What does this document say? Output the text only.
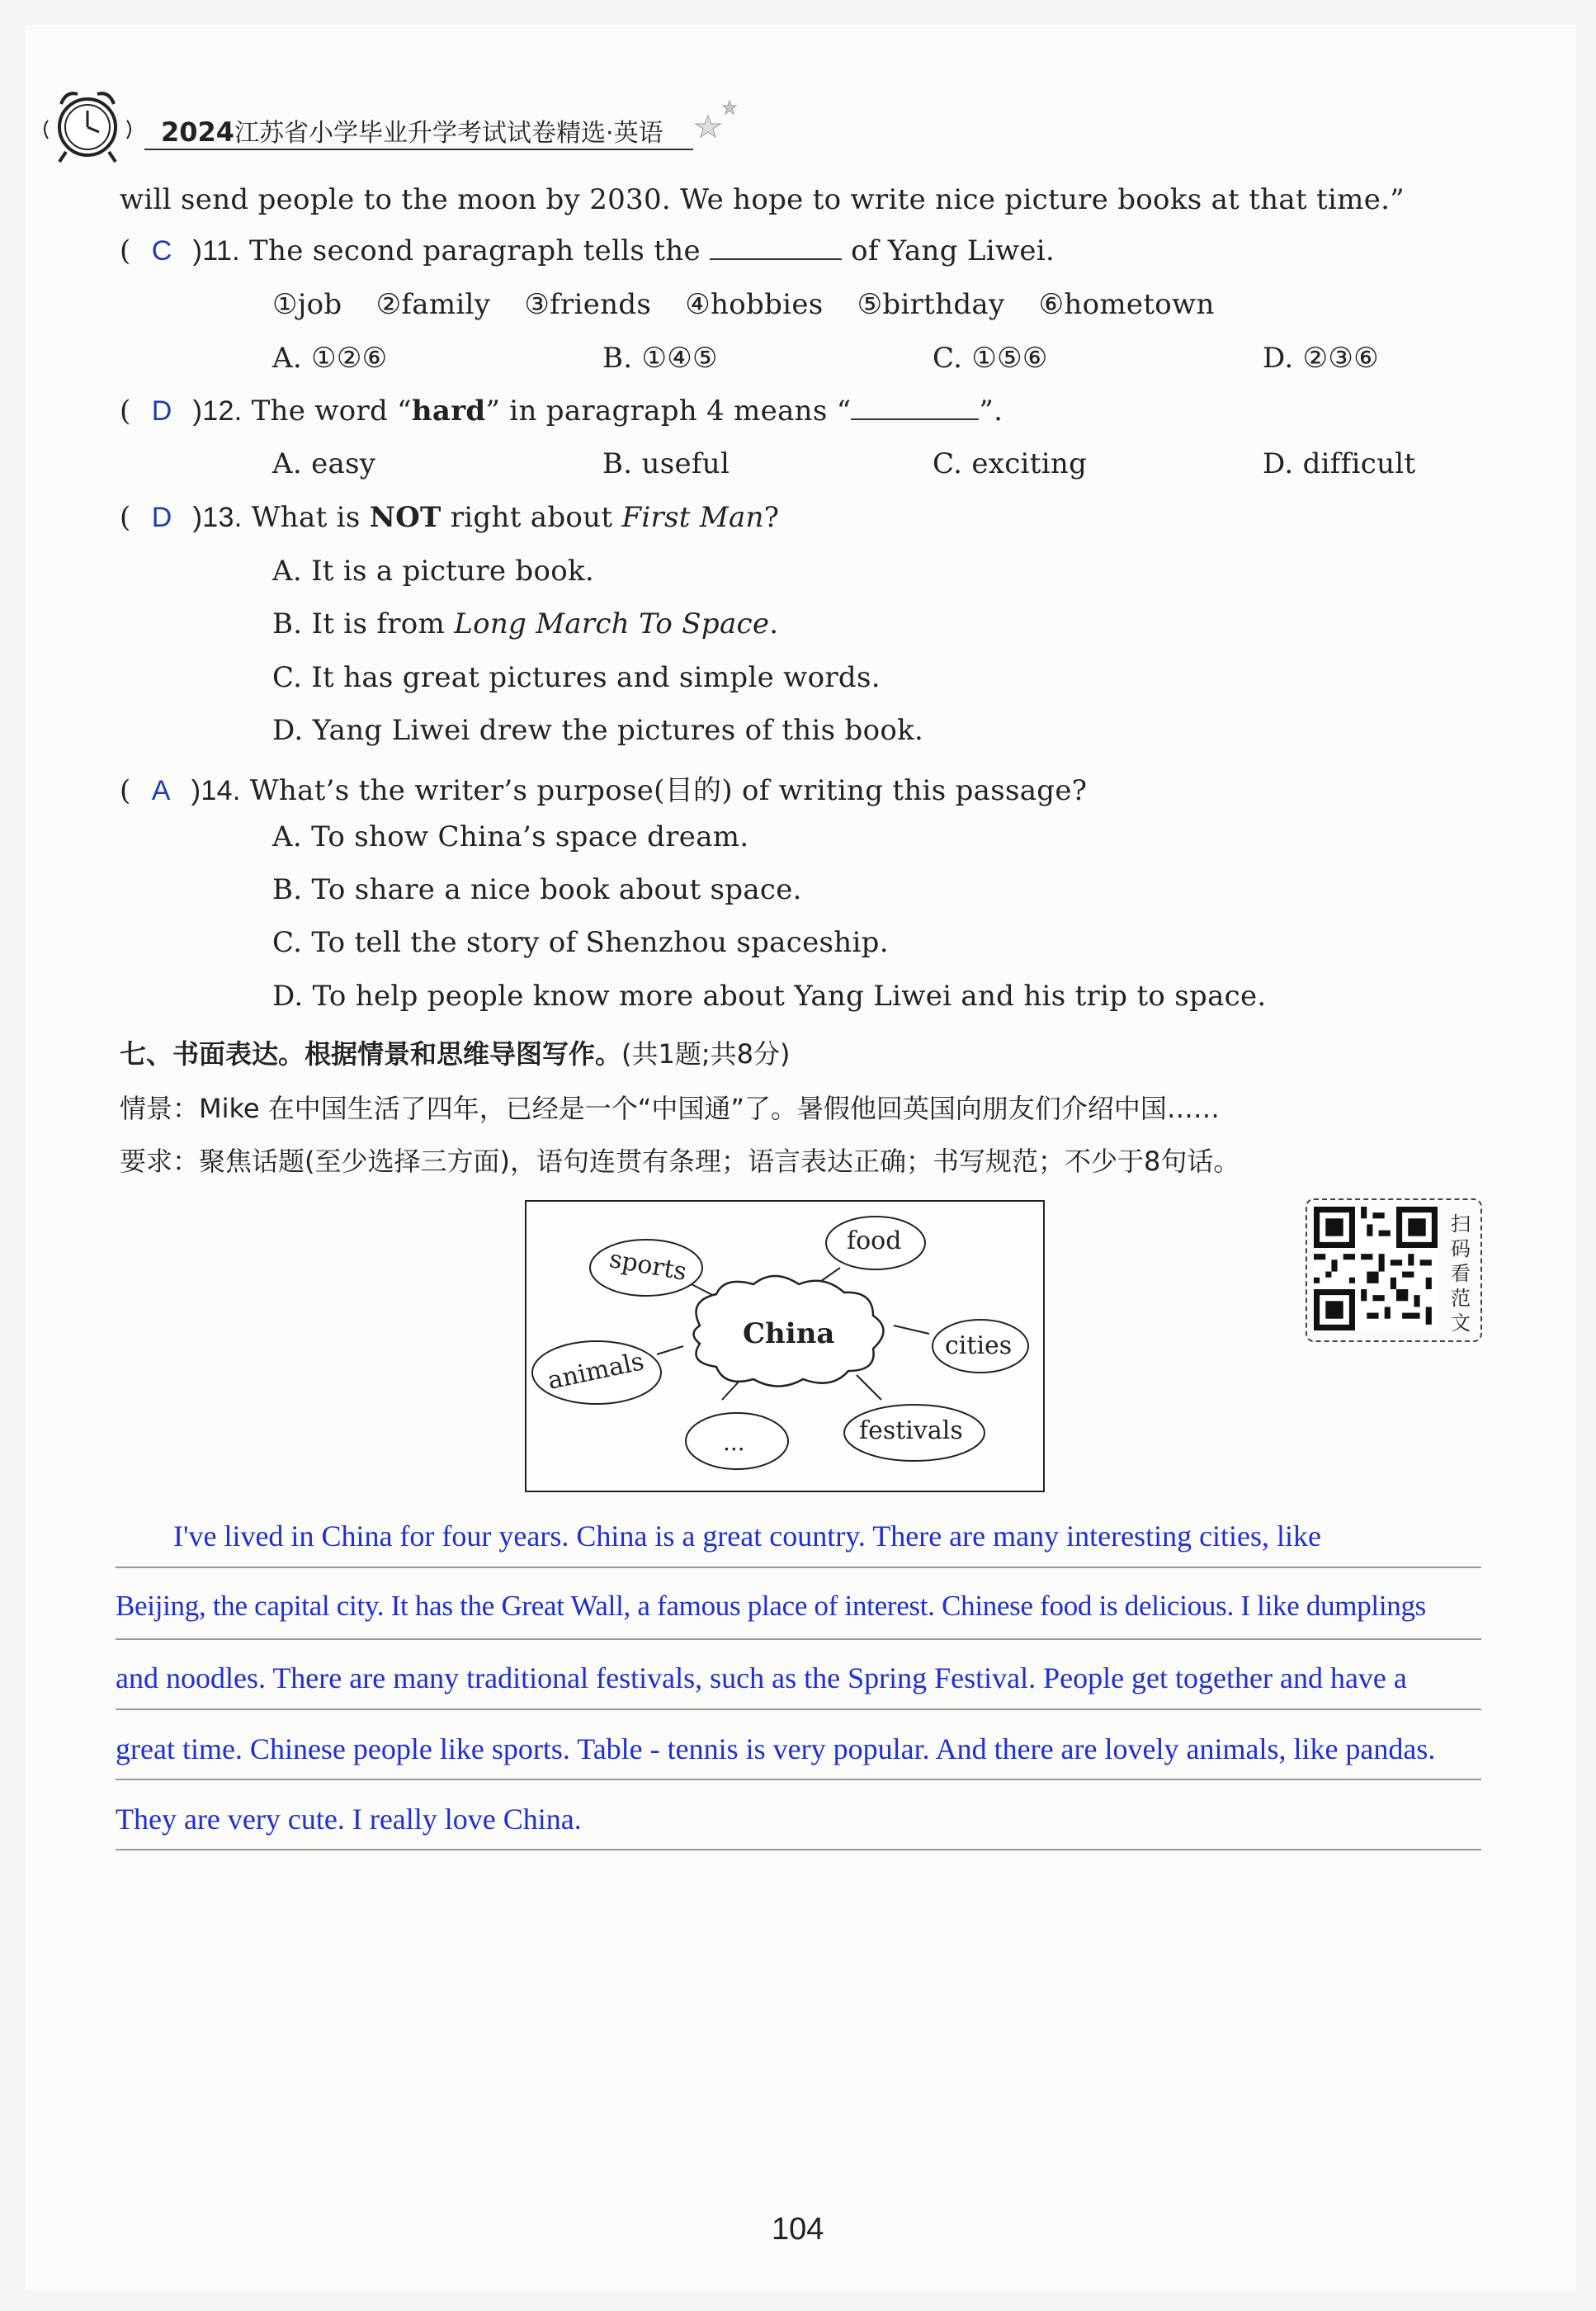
2024江苏省小学毕业升学考试试卷精选·英语
will send people to the moon by 2030. We hope to write nice picture books at that time.”
( C )11. The second paragraph tells the	of Yang Liwei.
①job ②family ③friends ④hobbies ⑤birthday ⑥hometown
A. ①②⑥	B. ①④⑤	C. ①⑤⑥	D. ②③⑥
( D )12. The word “hard” in paragraph 4 means “	”.
A. easy	B. useful	C. exciting	D. difficult
( D )13. What is NOT right about First Man?
A. It is a picture book.
B. It is from Long March To Space.
C. It has great pictures and simple words.
D. Yang Liwei drew the pictures of this book.
( A )14. What’s the writer’s purpose(目的) of writing this passage?
A. To show China’s space dream.
B. To share a nice book about space.
C. To tell the story of Shenzhou spaceship.
D. To help people know more about Yang Liwei and his trip to space.
七、书面表达。根据情景和思维导图写作。(共1题;共8分)
情景：Mike 在中国生活了四年，已经是一个“中国通”了。暑假他回英国向朋友们介绍中国……
要求：聚焦话题(至少选择三方面)，语句连贯有条理；语言表达正确；书写规范；不少于8句话。
China
sports
food
cities
festivals
...
animals
扫码看范文
I've lived in China for four years. China is a great country. There are many interesting cities, like
Beijing, the capital city. It has the Great Wall, a famous place of interest. Chinese food is delicious. I like dumplings
and noodles. There are many traditional festivals, such as the Spring Festival. People get together and have a
great time. Chinese people like sports. Table - tennis is very popular. And there are lovely animals, like pandas.
They are very cute. I really love China.
104
